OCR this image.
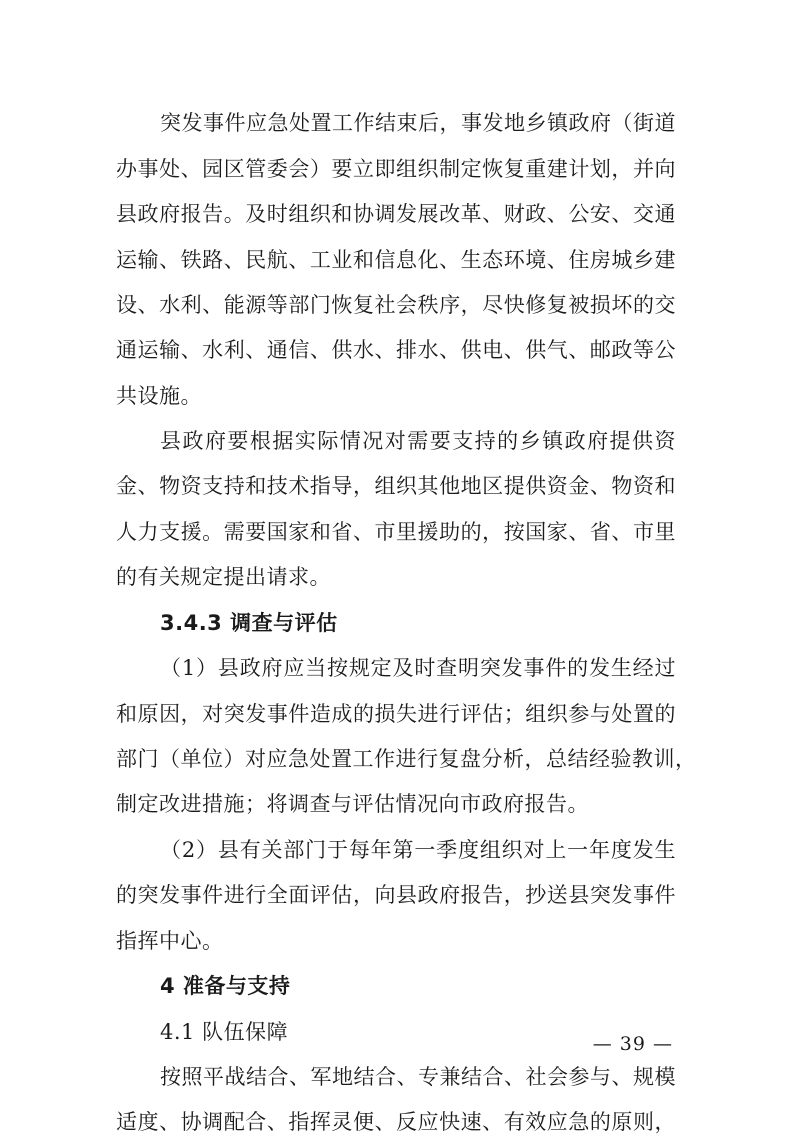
突发事件应急处置工作结束后，事发地乡镇政府（街道
办事处、园区管委会）要立即组织制定恢复重建计划，并向
县政府报告。及时组织和协调发展改革、财政、公安、交通
运输、铁路、民航、工业和信息化、生态环境、住房城乡建
设、水利、能源等部门恢复社会秩序，尽快修复被损坏的交
通运输、水利、通信、供水、排水、供电、供气、邮政等公
共设施。
县政府要根据实际情况对需要支持的乡镇政府提供资
金、物资支持和技术指导，组织其他地区提供资金、物资和
人力支援。需要国家和省、市里援助的，按国家、省、市里
的有关规定提出请求。
3.4.3 调查与评估
（1）县政府应当按规定及时查明突发事件的发生经过
和原因，对突发事件造成的损失进行评估；组织参与处置的
部门（单位）对应急处置工作进行复盘分析，总结经验教训，
制定改进措施；将调查与评估情况向市政府报告。
（2）县有关部门于每年第一季度组织对上一年度发生
的突发事件进行全面评估，向县政府报告，抄送县突发事件
指挥中心。
4 准备与支持
4.1 队伍保障
按照平战结合、军地结合、专兼结合、社会参与、规模
适度、协调配合、指挥灵便、反应快速、有效应急的原则，
— 39 —
